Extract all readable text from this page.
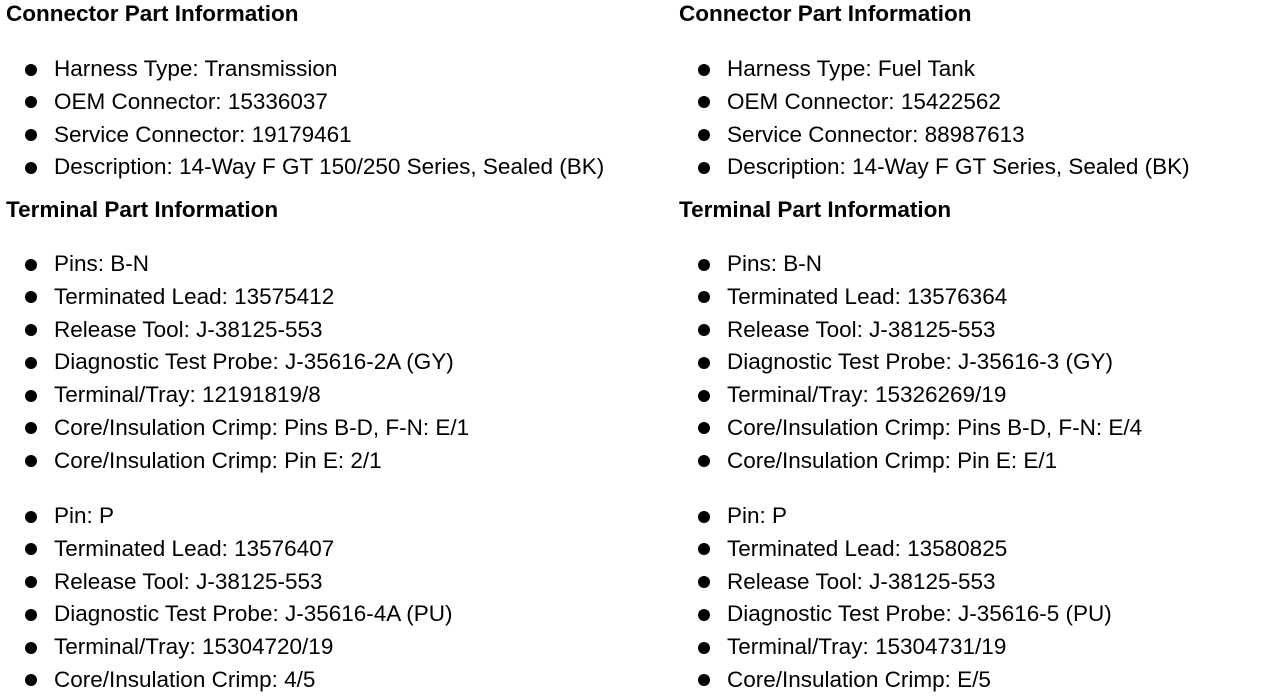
Connector Part Information
Harness Type: Transmission
OEM Connector: 15336037
Service Connector: 19179461
Description: 14-Way F GT 150/250 Series, Sealed (BK)
Terminal Part Information
Pins: B-N
Terminated Lead: 13575412
Release Tool: J-38125-553
Diagnostic Test Probe: J-35616-2A (GY)
Terminal/Tray: 12191819/8
Core/Insulation Crimp: Pins B-D, F-N: E/1
Core/Insulation Crimp: Pin E: 2/1
Pin: P
Terminated Lead: 13576407
Release Tool: J-38125-553
Diagnostic Test Probe: J-35616-4A (PU)
Terminal/Tray: 15304720/19
Core/Insulation Crimp: 4/5
Connector Part Information
Harness Type: Fuel Tank
OEM Connector: 15422562
Service Connector: 88987613
Description: 14-Way F GT Series, Sealed (BK)
Terminal Part Information
Pins: B-N
Terminated Lead: 13576364
Release Tool: J-38125-553
Diagnostic Test Probe: J-35616-3 (GY)
Terminal/Tray: 15326269/19
Core/Insulation Crimp: Pins B-D, F-N: E/4
Core/Insulation Crimp: Pin E: E/1
Pin: P
Terminated Lead: 13580825
Release Tool: J-38125-553
Diagnostic Test Probe: J-35616-5 (PU)
Terminal/Tray: 15304731/19
Core/Insulation Crimp: E/5
